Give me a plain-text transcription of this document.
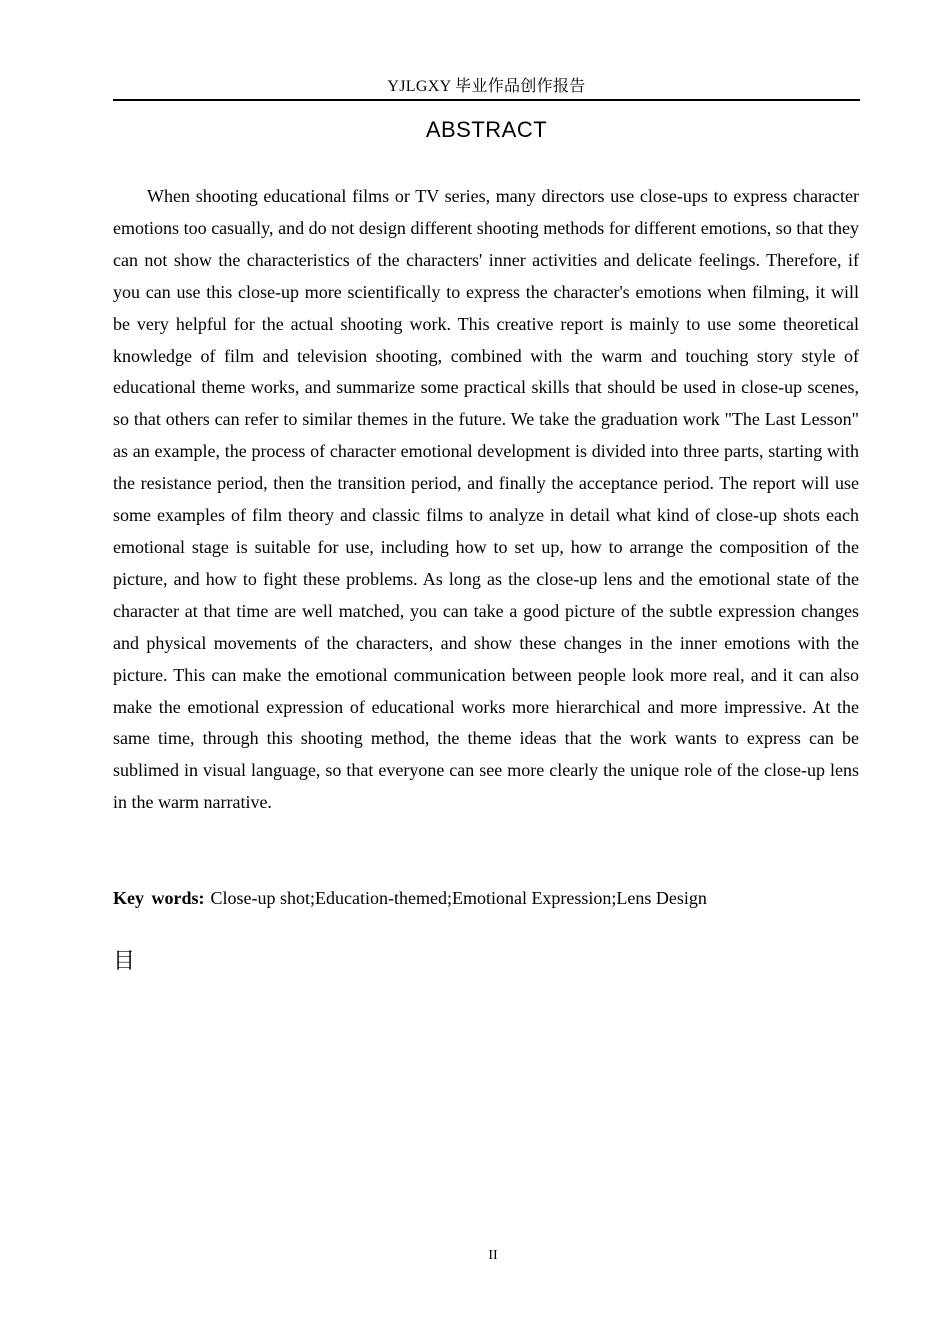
YJLGXY 毕业作品创作报告
ABSTRACT

When shooting educational films or TV series, many directors use close-ups to express character emotions too casually, and do not design different shooting methods for different emotions, so that they can not show the characteristics of the characters' inner activities and delicate feelings. Therefore, if you can use this close-up more scientifically to express the character's emotions when filming, it will be very helpful for the actual shooting work. This creative report is mainly to use some theoretical knowledge of film and television shooting, combined with the warm and touching story style of educational theme works, and summarize some practical skills that should be used in close-up scenes, so that others can refer to similar themes in the future. We take the graduation work "The Last Lesson" as an example, the process of character emotional development is divided into three parts, starting with the resistance period, then the transition period, and finally the acceptance period. The report will use some examples of film theory and classic films to analyze in detail what kind of close-up shots each emotional stage is suitable for use, including how to set up, how to arrange the composition of the picture, and how to fight these problems. As long as the close-up lens and the emotional state of the character at that time are well matched, you can take a good picture of the subtle expression changes and physical movements of the characters, and show these changes in the inner emotions with the picture. This can make the emotional communication between people look more real, and it can also make the emotional expression of educational works more hierarchical and more impressive. At the same time, through this shooting method, the theme ideas that the work wants to express can be sublimed in visual language, so that everyone can see more clearly the unique role of the close-up lens in the warm narrative.

Key words: Close-up shot;Education-themed;Emotional Expression;Lens Design
目
II
